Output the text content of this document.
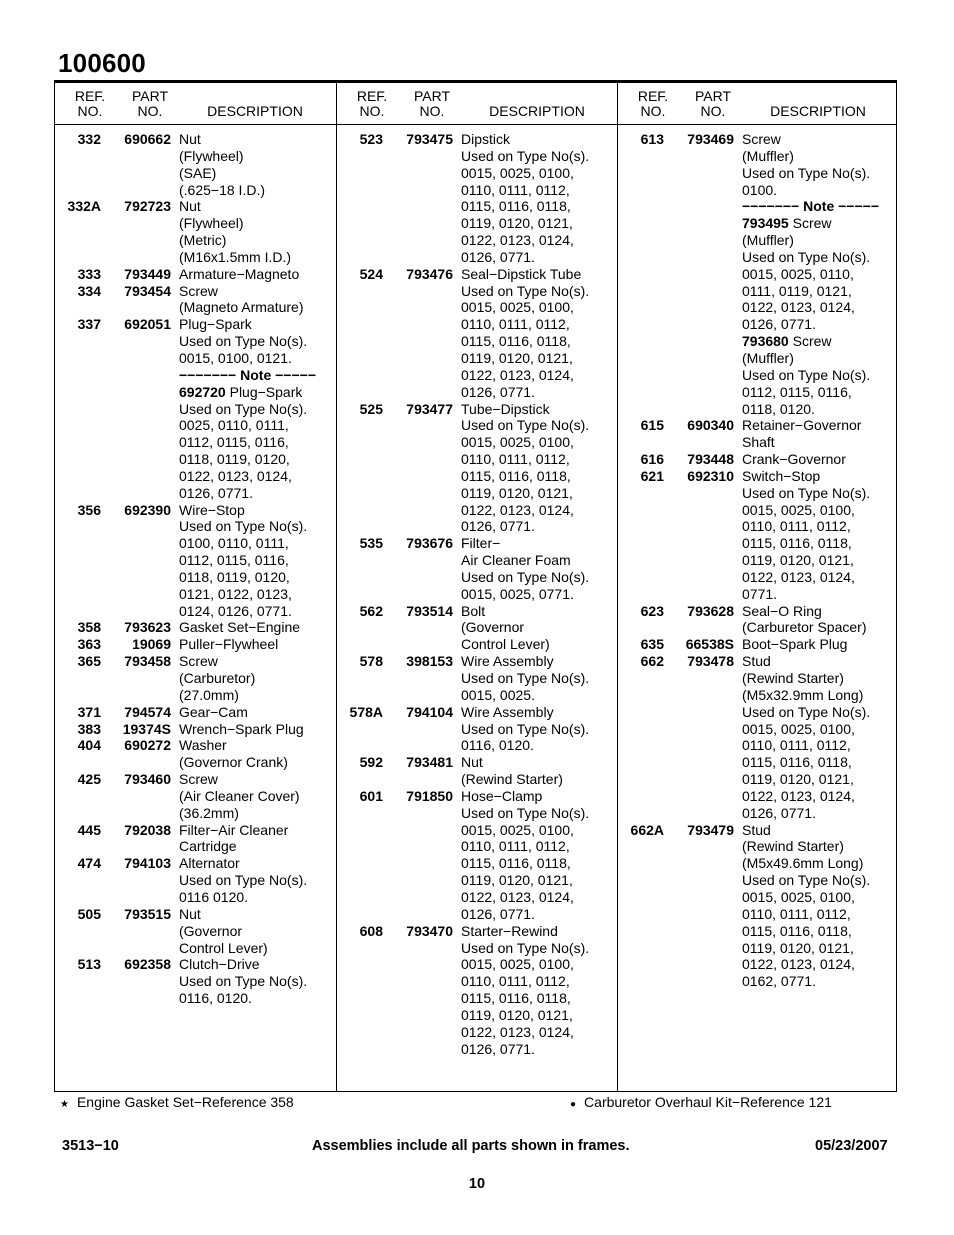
100600
REF.
NO.
PART
NO.	DESCRIPTION
332	690662 Nut
(Flywheel)
(SAE)
(.625−18 I.D.)
332A	792723 Nut
(Flywheel)
(Metric)
(M16x1.5mm I.D.)
333	793449 Armature−Magneto
334	793454 Screw
(Magneto Armature)
337	692051 Plug−Spark
Used on Type No(s).
0015, 0100, 0121.
−−−−−−− Note −−−−−
692720 Plug−Spark
Used on Type No(s).
0025, 0110, 0111,
0112, 0115, 0116,
0118, 0119, 0120,
0122, 0123, 0124,
0126, 0771.
356	692390 Wire−Stop
Used on Type No(s).
0100, 0110, 0111,
0112, 0115, 0116,
0118, 0119, 0120,
0121, 0122, 0123,
0124, 0126, 0771.
358	793623 Gasket Set−Engine
363	19069 Puller−Flywheel
365	793458 Screw
(Carburetor)
(27.0mm)
371	794574 Gear−Cam
383	19374S Wrench−Spark Plug
404	690272 Washer
(Governor Crank)
425	793460 Screw
(Air Cleaner Cover)
(36.2mm)
445	792038 Filter−Air Cleaner
Cartridge
474	794103 Alternator
Used on Type No(s).
0116 0120.
505	793515 Nut
(Governor
Control Lever)
513	692358 Clutch−Drive
Used on Type No(s).
0116, 0120.
REF.
NO.
PART
NO.	DESCRIPTION
523	793475 Dipstick
Used on Type No(s).
0015, 0025, 0100,
0110, 0111, 0112,
0115, 0116, 0118,
0119, 0120, 0121,
0122, 0123, 0124,
0126, 0771.
524	793476 Seal−Dipstick Tube
Used on Type No(s).
0015, 0025, 0100,
0110, 0111, 0112,
0115, 0116, 0118,
0119, 0120, 0121,
0122, 0123, 0124,
0126, 0771.
525	793477 Tube−Dipstick
Used on Type No(s).
0015, 0025, 0100,
0110, 0111, 0112,
0115, 0116, 0118,
0119, 0120, 0121,
0122, 0123, 0124,
0126, 0771.
535	793676 Filter−
Air Cleaner Foam
Used on Type No(s).
0015, 0025, 0771.
562	793514 Bolt
(Governor
Control Lever)
578	398153 Wire Assembly
Used on Type No(s).
0015, 0025.
578A	794104 Wire Assembly
Used on Type No(s).
0116, 0120.
592	793481 Nut
(Rewind Starter)
601	791850 Hose−Clamp
Used on Type No(s).
0015, 0025, 0100,
0110, 0111, 0112,
0115, 0116, 0118,
0119, 0120, 0121,
0122, 0123, 0124,
0126, 0771.
608	793470 Starter−Rewind
Used on Type No(s).
0015, 0025, 0100,
0110, 0111, 0112,
0115, 0116, 0118,
0119, 0120, 0121,
0122, 0123, 0124,
0126, 0771.
REF.
NO.
PART
NO.	DESCRIPTION
613	793469 Screw
(Muffler)
Used on Type No(s).
0100.
−−−−−−− Note −−−−−
793495 Screw
(Muffler)
Used on Type No(s).
0015, 0025, 0110,
0111, 0119, 0121,
0122, 0123, 0124,
0126, 0771.
793680 Screw
(Muffler)
Used on Type No(s).
0112, 0115, 0116,
0118, 0120.
615	690340 Retainer−Governor
Shaft
616	793448 Crank−Governor
621	692310 Switch−Stop
Used on Type No(s).
0015, 0025, 0100,
0110, 0111, 0112,
0115, 0116, 0118,
0119, 0120, 0121,
0122, 0123, 0124,
0771.
623	793628 Seal−O Ring
(Carburetor Spacer)
635	66538S Boot−Spark Plug
662	793478 Stud
(Rewind Starter)
(M5x32.9mm Long)
Used on Type No(s).
0015, 0025, 0100,
0110, 0111, 0112,
0115, 0116, 0118,
0119, 0120, 0121,
0122, 0123, 0124,
0126, 0771.
662A	793479 Stud
(Rewind Starter)
(M5x49.6mm Long)
Used on Type No(s).
0015, 0025, 0100,
0110, 0111, 0112,
0115, 0116, 0118,
0119, 0120, 0121,
0122, 0123, 0124,
0162, 0771.
★ Engine Gasket Set−Reference 358	● Carburetor Overhaul Kit−Reference 121
3513−10	Assemblies include all parts shown in frames.	05/23/2007
10
